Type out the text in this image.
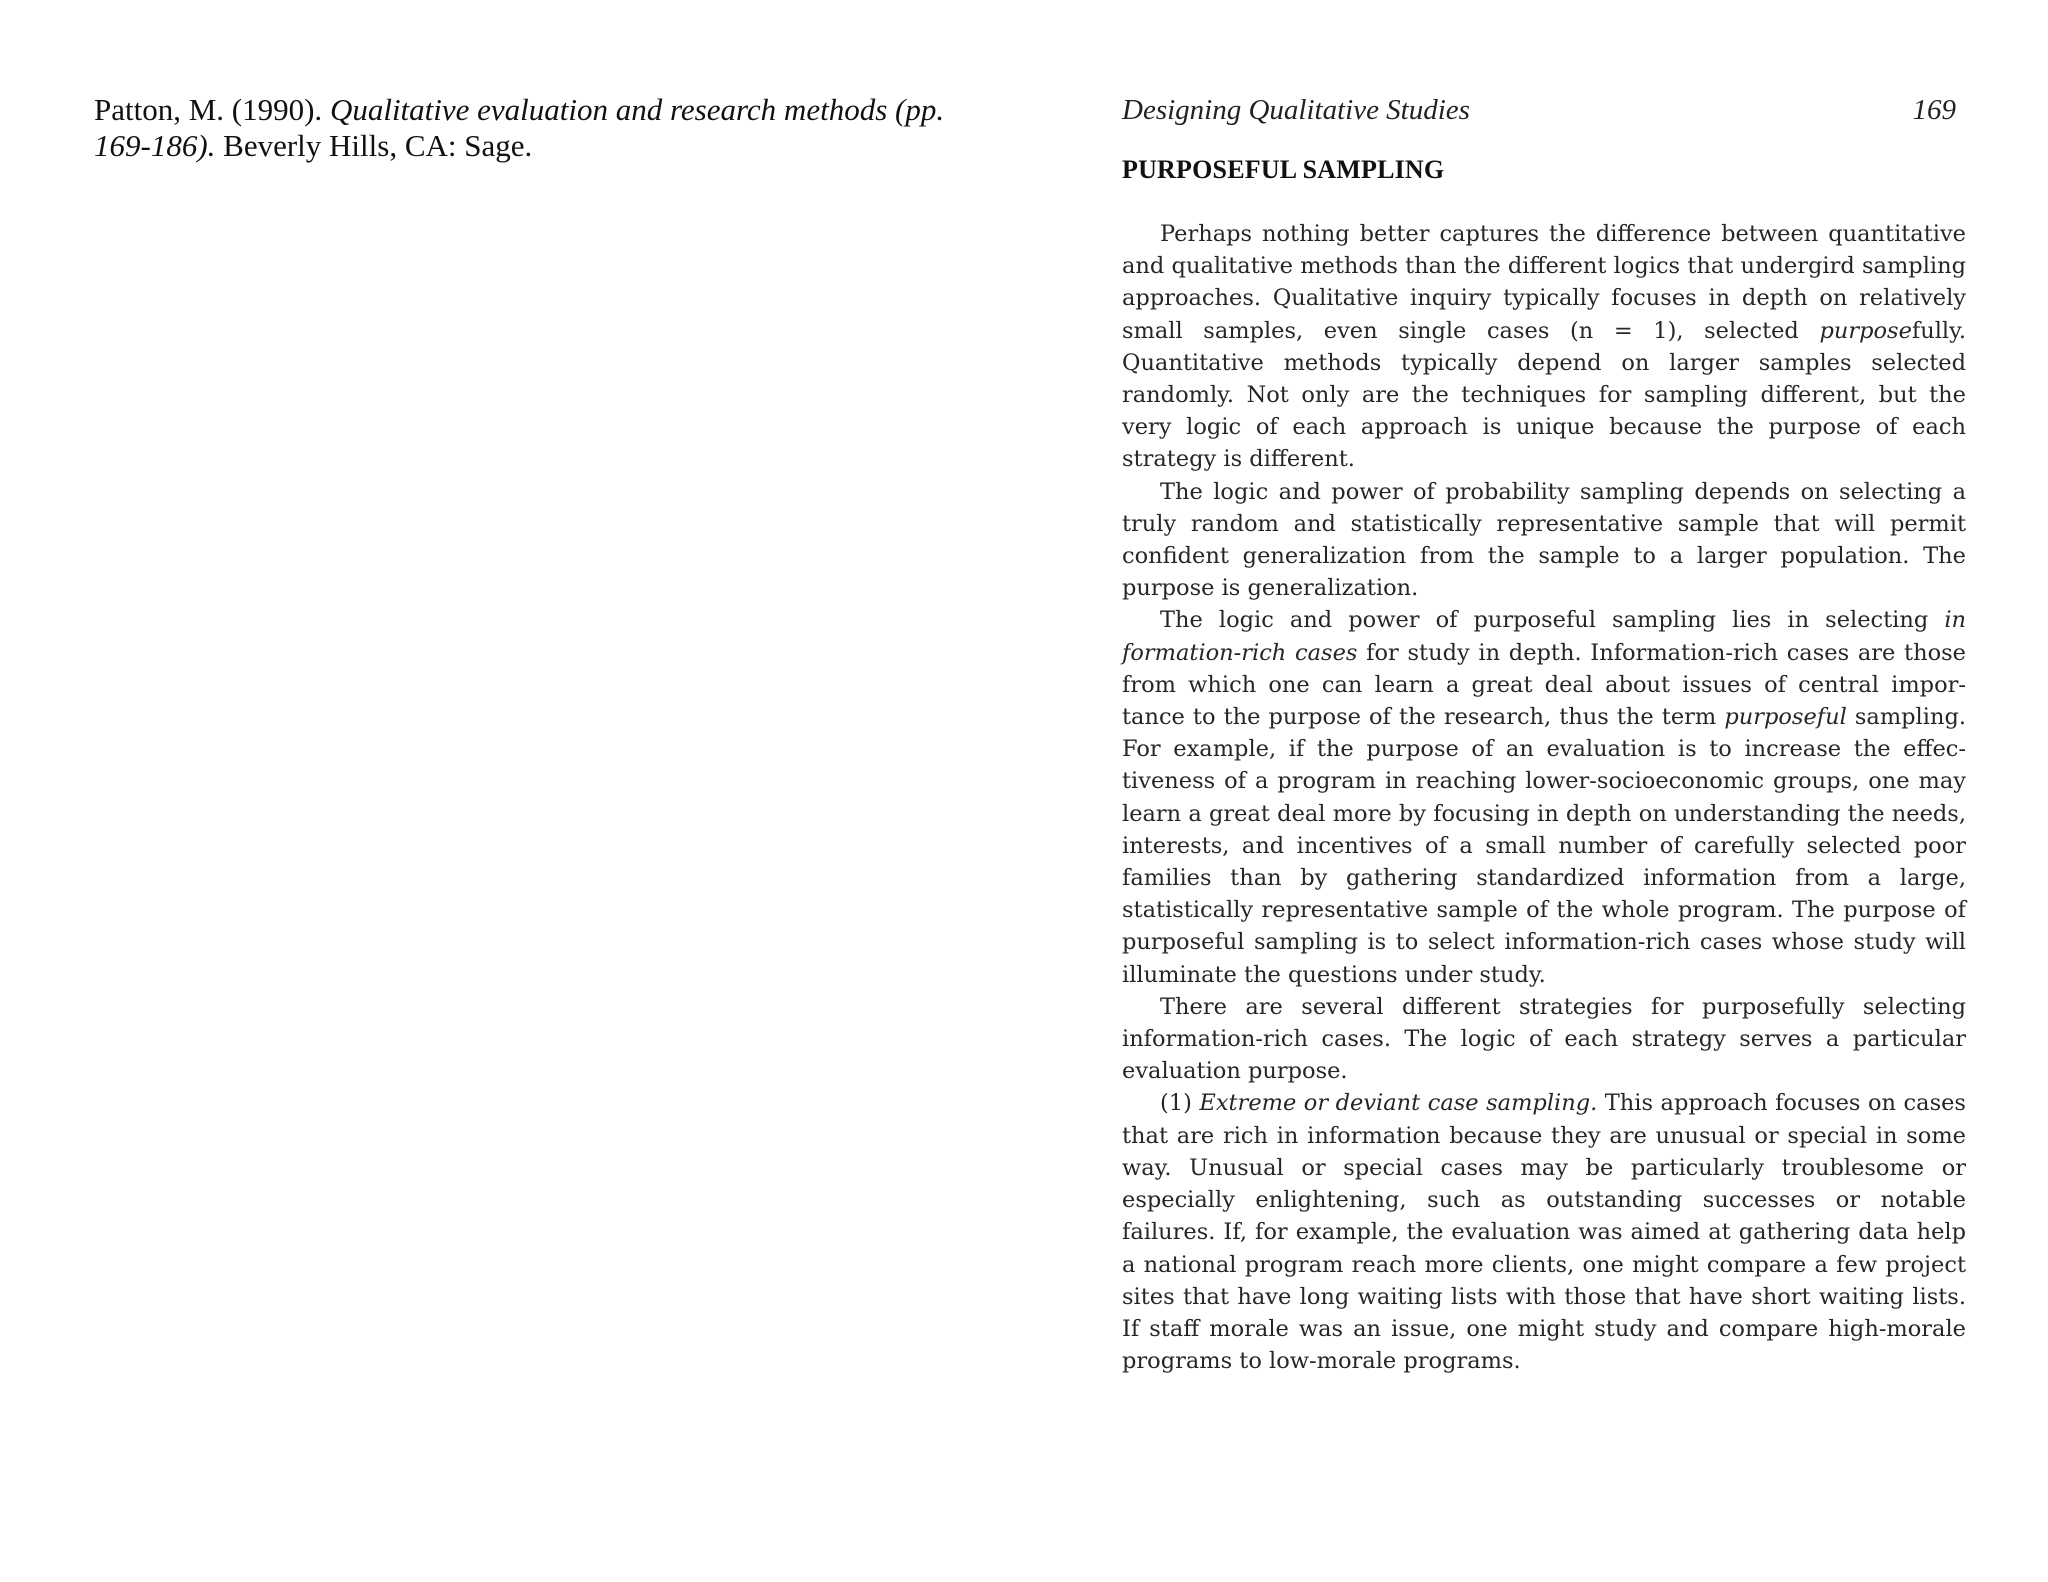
Patton, M. (1990). Qualitative evaluation and research methods (pp. 169-186). Beverly Hills, CA: Sage.
Designing Qualitative Studies	169
PURPOSEFUL SAMPLING

Perhaps nothing better captures the difference between quantitative and qualitative methods than the different logics that undergird sampling approaches. Qualitative inquiry typically focuses in depth on relatively small samples, even single cases (n = 1), selected purposefully. Quantitative methods typically depend on larger samples selected randomly. Not only are the techniques for sampling different, but the very logic of each approach is unique because the purpose of each strategy is different.

The logic and power of probability sampling depends on selecting a truly random and statistically representative sample that will permit confident generalization from the sample to a larger population. The purpose is generalization.

The logic and power of purposeful sampling lies in selecting in formation-rich cases for study in depth. Information-rich cases are those from which one can learn a great deal about issues of central impor-tance to the purpose of the research, thus the term purposeful sampling. For example, if the purpose of an evaluation is to increase the effec-tiveness of a program in reaching lower-socioeconomic groups, one may learn a great deal more by focusing in depth on understanding the needs, interests, and incentives of a small number of carefully selected poor families than by gathering standardized information from a large, statistically representative sample of the whole program. The purpose of purposeful sampling is to select information-rich cases whose study will illuminate the questions under study.

There are several different strategies for purposefully selecting information-rich cases. The logic of each strategy serves a particular evaluation purpose.

(1) Extreme or deviant case sampling. This approach focuses on cases that are rich in information because they are unusual or special in some way. Unusual or special cases may be particularly troublesome or especially enlightening, such as outstanding successes or notable failures. If, for example, the evaluation was aimed at gathering data help a national program reach more clients, one might compare a few project sites that have long waiting lists with those that have short waiting lists. If staff morale was an issue, one might study and compare high-morale programs to low-morale programs.
